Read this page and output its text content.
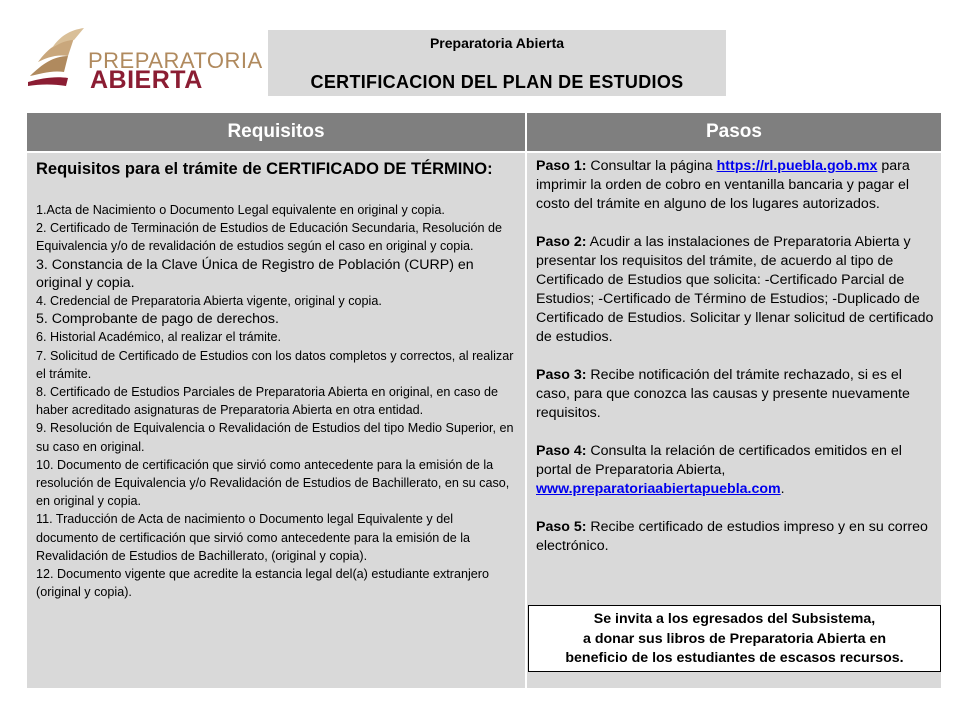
PREPARATORIA
ABIERTA
Preparatoria Abierta
CERTIFICACION DEL PLAN DE ESTUDIOS
Requisitos	Pasos
Requisitos para el trámite de CERTIFICADO DE TÉRMINO:
1.Acta de Nacimiento o Documento Legal equivalente en original y copia.
2. Certificado de Terminación de Estudios de Educación Secundaria, Resolución de Equivalencia y/o de revalidación de estudios según el caso en original y copia.
3. Constancia de la Clave Única de Registro de Población (CURP) en original y copia.
4. Credencial de Preparatoria Abierta vigente, original y copia.
5. Comprobante de pago de derechos.
6. Historial Académico, al realizar el trámite.
7. Solicitud de Certificado de Estudios con los datos completos y correctos, al realizar el trámite.
8. Certificado de Estudios Parciales de Preparatoria Abierta en original, en caso de haber acreditado asignaturas de Preparatoria Abierta en otra entidad.
9. Resolución de Equivalencia o Revalidación de Estudios del tipo Medio Superior, en su caso en original.
10. Documento de certificación que sirvió como antecedente para la emisión de la resolución de Equivalencia y/o Revalidación de Estudios de Bachillerato, en su caso, en original y copia.
11. Traducción de Acta de nacimiento o Documento legal Equivalente y del documento de certificación que sirvió como antecedente para la emisión de la Revalidación de Estudios de Bachillerato, (original y copia).
12. Documento vigente que acredite la estancia legal del(a) estudiante extranjero (original y copia).
Paso 1: Consultar la página https://rl.puebla.gob.mx para imprimir la orden de cobro en ventanilla bancaria y pagar el costo del trámite en alguno de los lugares autorizados.
Paso 2: Acudir a las instalaciones de Preparatoria Abierta y presentar los requisitos del trámite, de acuerdo al tipo de Certificado de Estudios que solicita: -Certificado Parcial de Estudios; -Certificado de Término de Estudios; -Duplicado de Certificado de Estudios. Solicitar y llenar solicitud de certificado de estudios.
Paso 3: Recibe notificación del trámite rechazado, si es el caso, para que conozca las causas y presente nuevamente requisitos.
Paso 4: Consulta la relación de certificados emitidos en el portal de Preparatoria Abierta, www.preparatoriaabiertapuebla.com.
Paso 5: Recibe certificado de estudios impreso y en su correo electrónico.
Se invita a los egresados del Subsistema,
a donar sus libros de Preparatoria Abierta en
beneficio de los estudiantes de escasos recursos.
